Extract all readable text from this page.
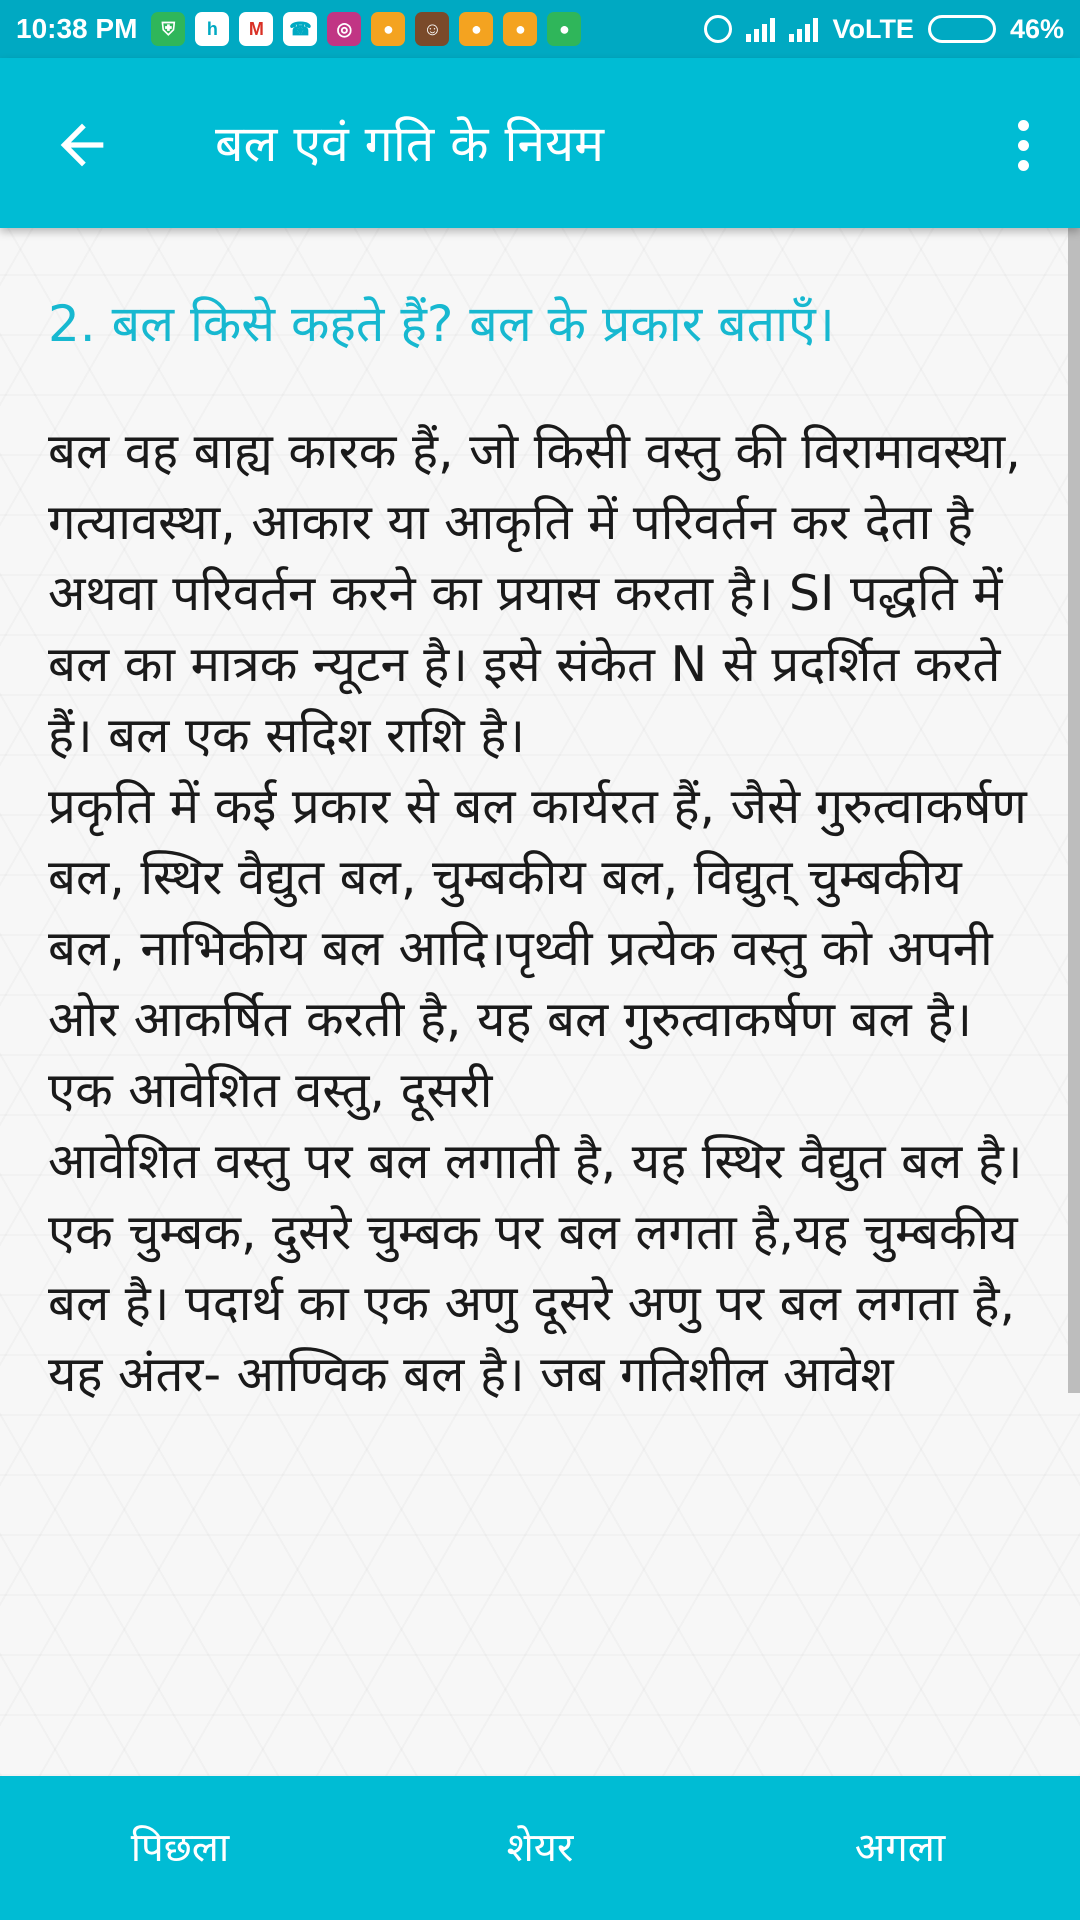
10:38 PM	⛨	h	M	☎	◎	●	☺	●	●	●	VoLTE	46%
बल एवं गति के नियम
2. बल किसे कहते हैं? बल के प्रकार बताएँ।

बल वह बाह्य कारक हैं, जो किसी वस्तु की विरामावस्था, गत्यावस्था, आकार या आकृति में परिवर्तन कर देता है अथवा परिवर्तन करने का प्रयास करता है। SI पद्धति में बल का मात्रक न्यूटन है। इसे संकेत N से प्रदर्शित करते हैं। बल एक सदिश राशि है।

प्रकृति में कई प्रकार से बल कार्यरत हैं, जैसे गुरुत्वाकर्षण बल, स्थिर वैद्युत बल, चुम्बकीय बल, विद्युत् चुम्बकीय बल, नाभिकीय बल आदि।पृथ्वी प्रत्येक वस्तु को अपनी ओर आकर्षित करती है, यह बल गुरुत्वाकर्षण बल है। एक आवेशित वस्तु, दूसरी

आवेशित वस्तु पर बल लगाती है, यह स्थिर वैद्युत बल है। एक चुम्बक, दुसरे चुम्बक पर बल लगता है,यह चुम्बकीय बल है। पदार्थ का एक अणु दूसरे अणु पर बल लगता है, यह अंतर- आण्विक बल है। जब गतिशील आवेश

पिछला	शेयर	अगला
